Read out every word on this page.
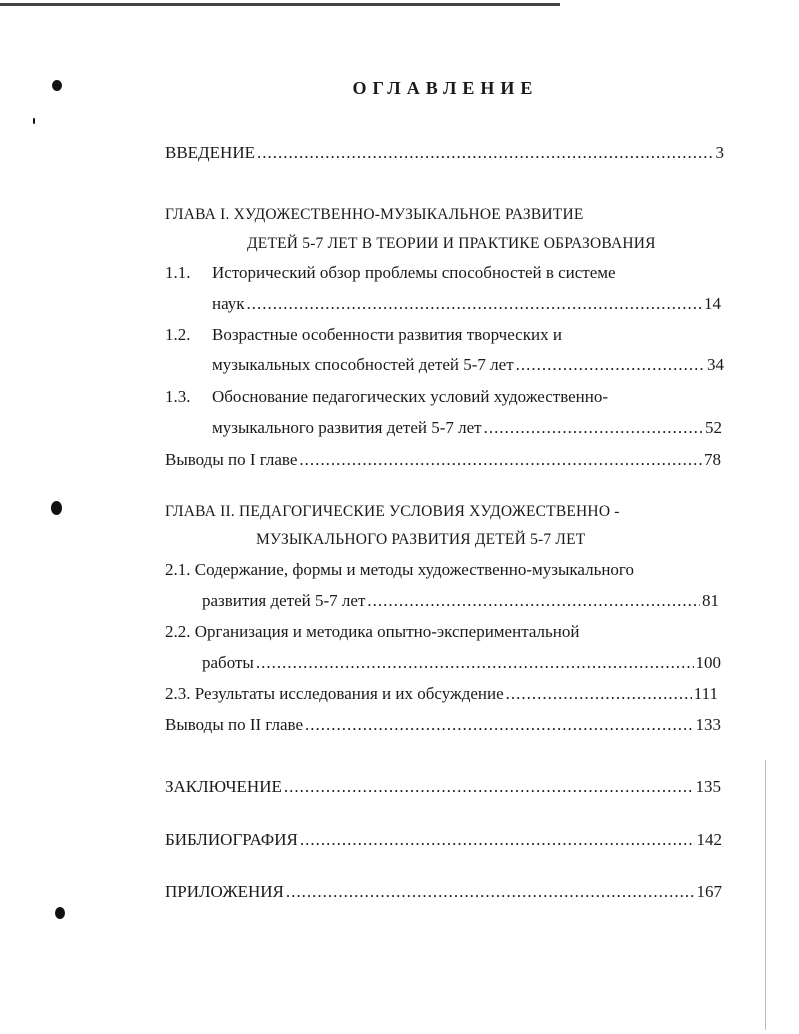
ОГЛАВЛЕНИЕ
ВВЕДЕНИЕ .....	3
ГЛАВА I. ХУДОЖЕСТВЕННО-МУЗЫКАЛЬНОЕ РАЗВИТИЕ
ДЕТЕЙ 5-7 ЛЕТ В ТЕОРИИ И ПРАКТИКЕ ОБРАЗОВАНИЯ
1.1. Исторический обзор проблемы способностей в системе
наук .....	14
1.2. Возрастные особенности развития творческих и
музыкальных способностей детей 5-7 лет .....	34
1.3. Обоснование педагогических условий художественно-
музыкального развития детей 5-7 лет .....	52
Выводы по I главе .....	78
ГЛАВА II. ПЕДАГОГИЧЕСКИЕ УСЛОВИЯ ХУДОЖЕСТВЕННО -
МУЗЫКАЛЬНОГО РАЗВИТИЯ ДЕТЕЙ 5-7 ЛЕТ
2.1. Содержание, формы и методы художественно-музыкального
развития детей 5-7 лет .....	81
2.2. Организация и методика опытно-экспериментальной
работы .....	100
2.3. Результаты исследования и их обсуждение .....	111
Выводы по II главе .....	133
ЗАКЛЮЧЕНИЕ .....	135
БИБЛИОГРАФИЯ .....	142
ПРИЛОЖЕНИЯ .....	167
